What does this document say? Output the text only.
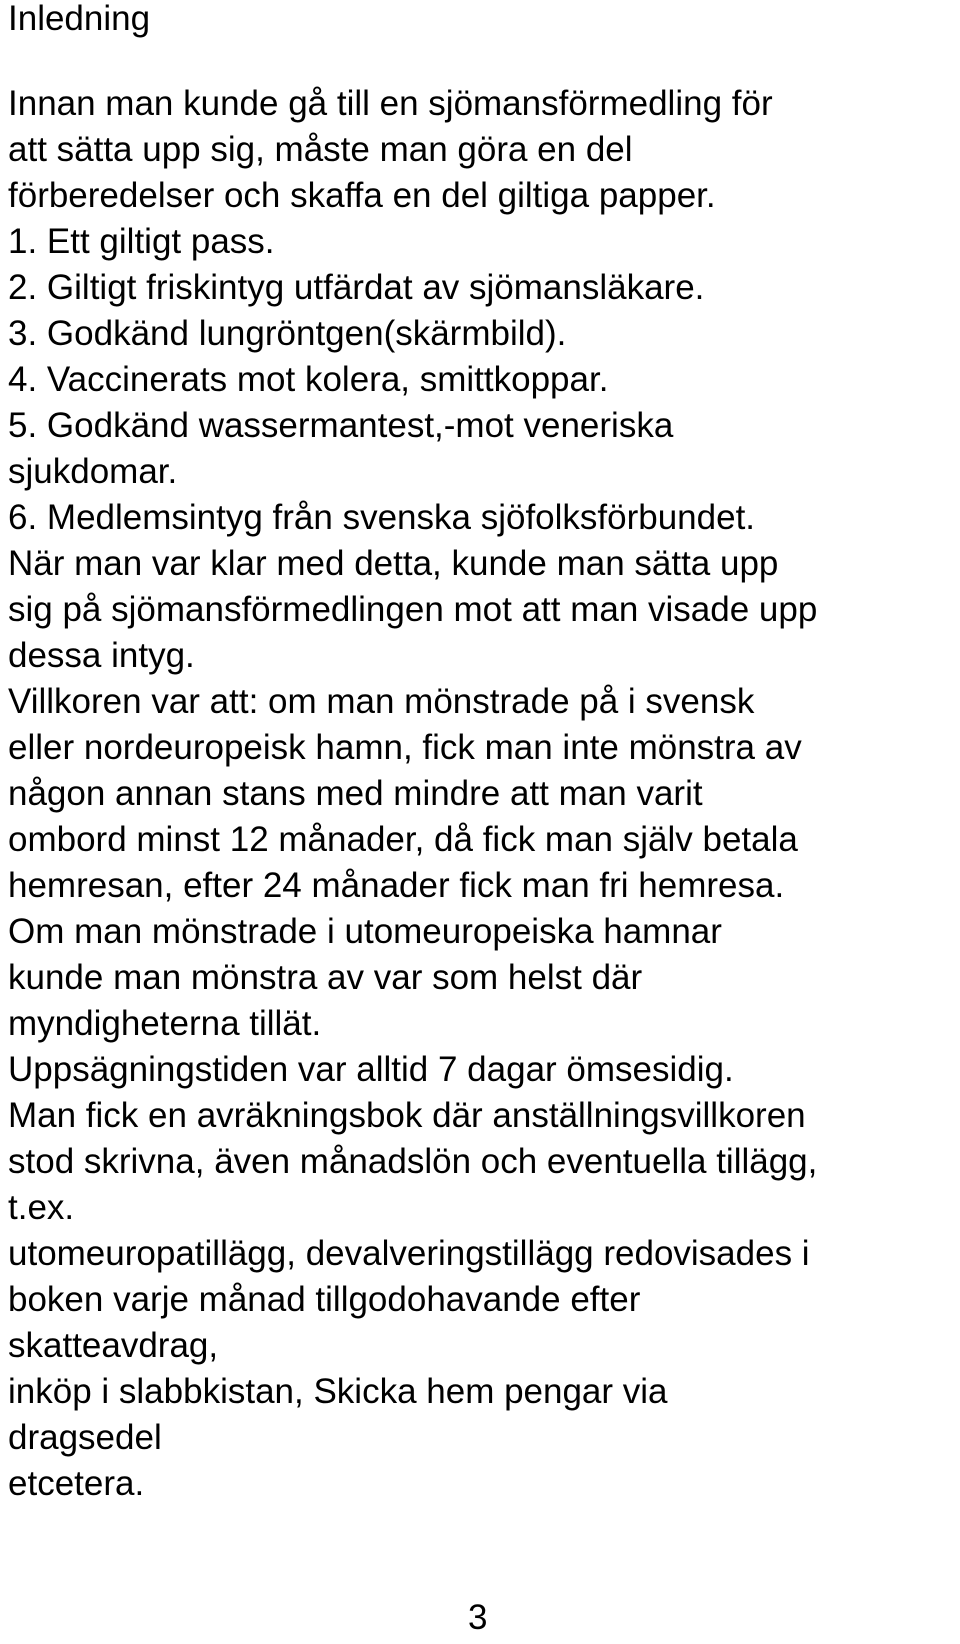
Inledning

Innan man kunde gå till en sjömansförmedling för

att sätta upp sig, måste man göra en del

förberedelser och skaffa en del giltiga papper.

1. Ett giltigt pass.

2. Giltigt friskintyg utfärdat av sjömansläkare.

3. Godkänd lungröntgen(skärmbild).

4. Vaccinerats mot kolera, smittkoppar.

5. Godkänd wassermantest,-mot veneriska

sjukdomar.

6. Medlemsintyg från svenska sjöfolksförbundet.

När man var klar med detta, kunde man sätta upp

sig på sjömansförmedlingen mot att man visade upp

dessa intyg.

Villkoren var att: om man mönstrade på i svensk

eller nordeuropeisk hamn, fick man inte mönstra av

någon annan stans med mindre att man varit

ombord minst 12 månader, då fick man själv betala

hemresan, efter 24 månader fick man fri hemresa.

Om man mönstrade i utomeuropeiska hamnar

kunde man mönstra av var som helst där

myndigheterna tillät.

Uppsägningstiden var alltid 7 dagar ömsesidig.

Man fick en avräkningsbok där anställningsvillkoren

stod skrivna, även månadslön och eventuella tillägg,

t.ex.

utomeuropatillägg, devalveringstillägg redovisades i

boken varje månad tillgodohavande efter

skatteavdrag,

inköp i slabbkistan, Skicka hem pengar via

dragsedel

etcetera.

3
